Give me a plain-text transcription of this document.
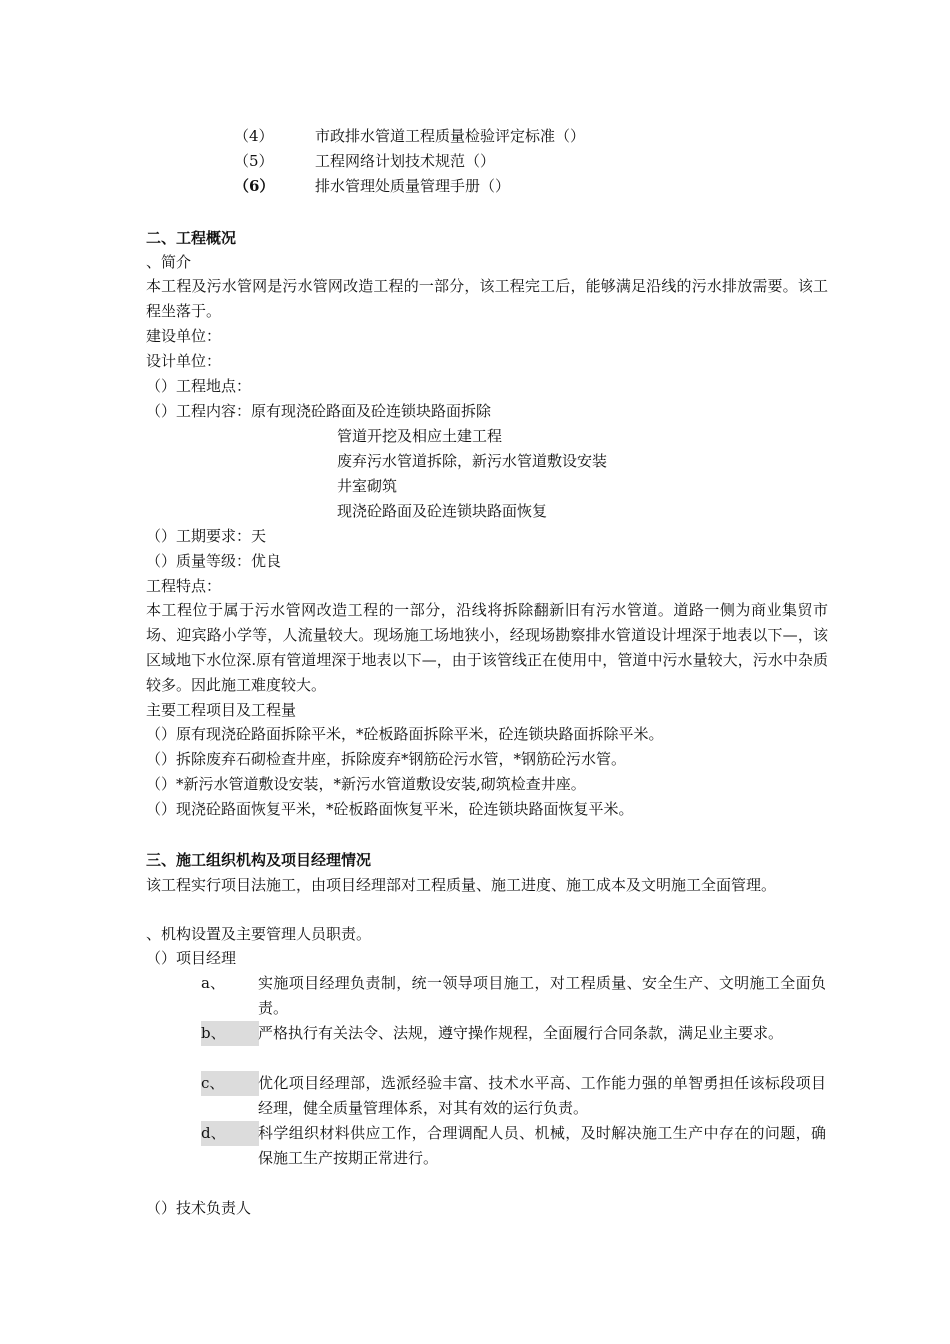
（4）	市政排水管道工程质量检验评定标准（）
（5）	工程网络计划技术规范（）
（6）	排水管理处质量管理手册（）
二、工程概况
、简介
本工程及污水管网是污水管网改造工程的一部分，该工程完工后，能够满足沿线的污水排放需要。该工程坐落于。
建设单位：
设计单位：
（）工程地点：
（）工程内容：原有现浇砼路面及砼连锁块路面拆除
管道开挖及相应土建工程
废弃污水管道拆除，新污水管道敷设安装
井室砌筑
现浇砼路面及砼连锁块路面恢复
（）工期要求：天
（）质量等级：优良
工程特点：
本工程位于属于污水管网改造工程的一部分，沿线将拆除翻新旧有污水管道。道路一侧为商业集贸市场、迎宾路小学等，人流量较大。现场施工场地狭小，经现场勘察排水管道设计埋深于地表以下—，该区域地下水位深.原有管道埋深于地表以下—，由于该管线正在使用中，管道中污水量较大，污水中杂质较多。因此施工难度较大。
主要工程项目及工程量
（）原有现浇砼路面拆除平米，*砼板路面拆除平米，砼连锁块路面拆除平米。
（）拆除废弃石砌检查井座，拆除废弃*钢筋砼污水管，*钢筋砼污水管。
（）*新污水管道敷设安装，*新污水管道敷设安装,砌筑检查井座。
（）现浇砼路面恢复平米，*砼板路面恢复平米，砼连锁块路面恢复平米。
三、施工组织机构及项目经理情况
该工程实行项目法施工，由项目经理部对工程质量、施工进度、施工成本及文明施工全面管理。
、机构设置及主要管理人员职责。
（）项目经理
a、 实施项目经理负责制，统一领导项目施工，对工程质量、安全生产、文明施工全面负责。
b、	严格执行有关法令、法规，遵守操作规程，全面履行合同条款，满足业主要求。
c、	优化项目经理部，选派经验丰富、技术水平高、工作能力强的单智勇担任该标段项目经理，健全质量管理体系，对其有效的运行负责。
d、	科学组织材料供应工作，合理调配人员、机械，及时解决施工生产中存在的问题，确保施工生产按期正常进行。
（）技术负责人
